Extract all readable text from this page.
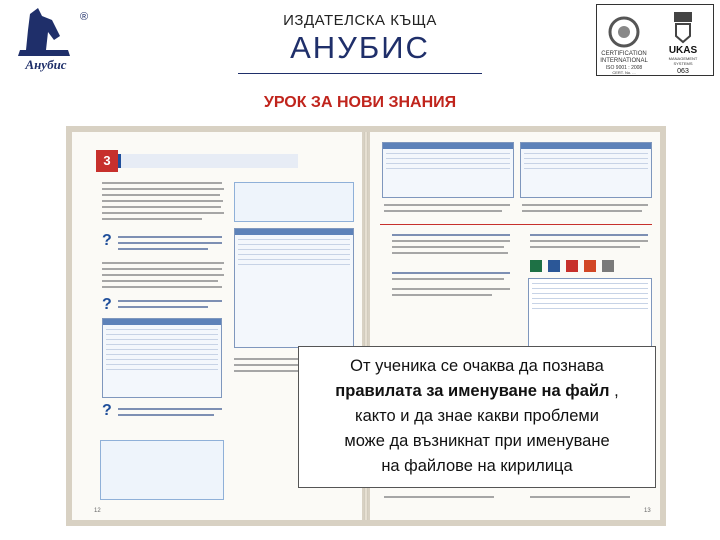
®
Анубис
ИЗДАТЕЛСКА КЪЩА
АНУБИС	CERTIFICATION
INTERNATIONAL
ISO 9001 : 2008
CERT. No. ...
UKAS
MANAGEMENT
SYSTEMS
063
УРОК ЗА НОВИ ЗНАНИЯ
3
?
?
?
12	13
От ученика се очаква да познава
правилата за именуване на файл ,
както и да знае какви проблеми
може да възникнат при именуване
на файлове на кирилица
